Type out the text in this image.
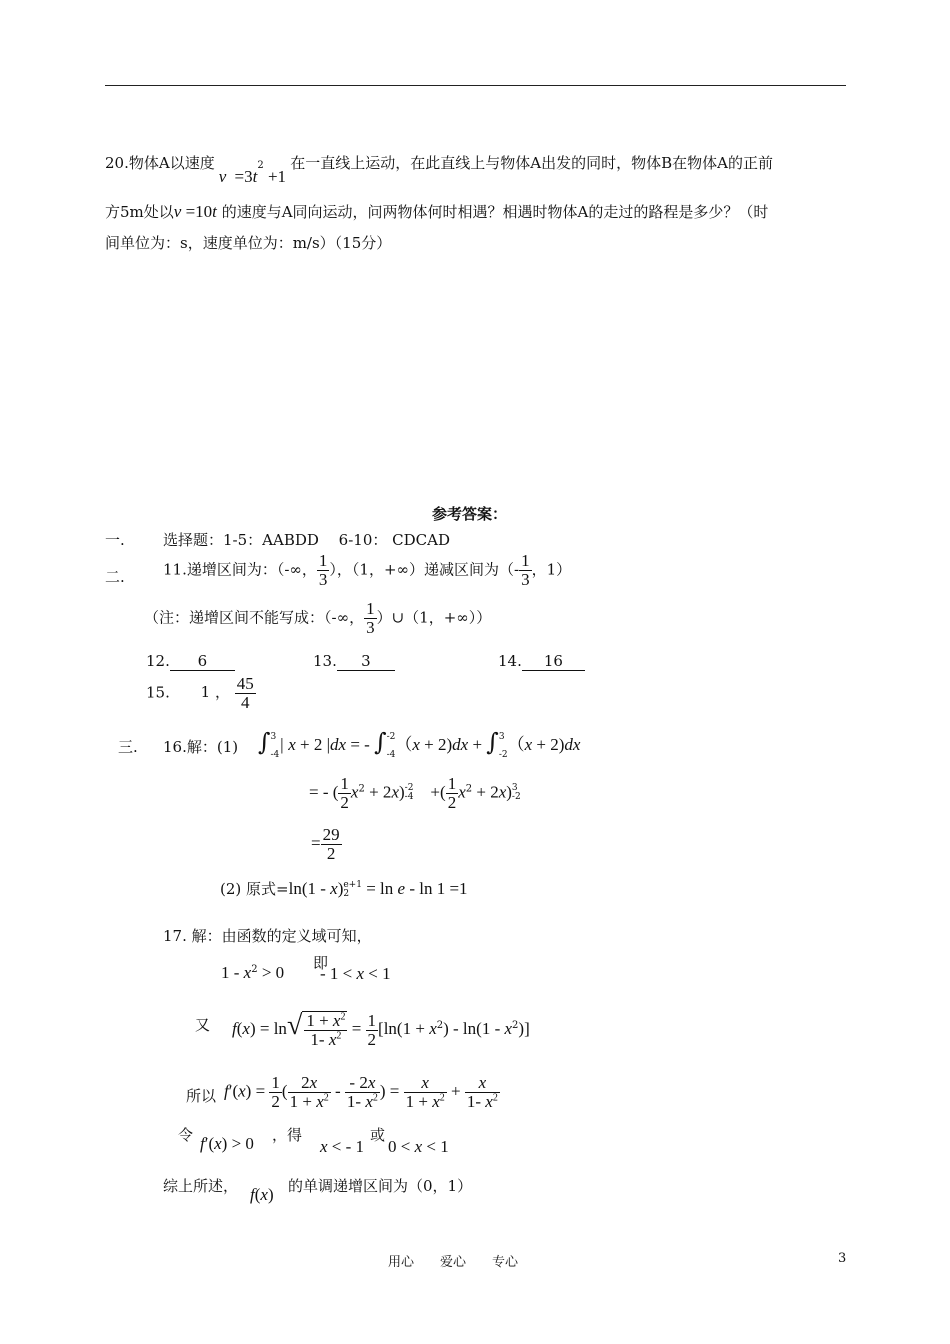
20.物体A以速度$v =3t^2 +1$ 在一直线上运动，在此直线上与物体A出发的同时，物体B在物体A的正前
方5m处以v =10t 的速度与A同向运动，问两物体何时相遇？相遇时物体A的走过的路程是多少？（时
间单位为：s，速度单位为：m/s）（15分）
参考答案：
一.	选择题：1-5：AABDD　 6-10： CDCAD
二.	11.递增区间为：（-∞， $\frac{1}{3}$ ），（1，+∞）递减区间为（- $\frac{1}{3}$ ，1）
（注：递增区间不能写成：（-∞， $\frac{1}{3}$ ）∪（1，+∞））
12. 6	13. 3	14. 16
15. 1 ， $\frac{45}{4}$
三. 16.解：(1) ∫3

-4| x + 2 |dx = - ∫-2

-4（x + 2)dx + ∫3

-2（x + 2)dx
= - ( $\frac{1}{2} x^2 + 2x)-2$
-4　+( $\frac{1}{2} x^2 + 2x)3$
-2
= $\frac{29}{2}$
(2) 原式=ln(1 - x)e+1
2 = ln e - ln 1 =1
17. 解：由函数的定义域可知，
$1 - x^2 > 0$ 即
- 1 < x < 1
又 $f(x) = \ln√ \frac{1 + x^2}{1- x^2} = \frac{1}{2} [\ln(1 + x^2) - \ln(1 - x^2)]$
所以 $f'(x) = \frac{1}{2}$ ( $\frac{2x}{1 + x^2} - \frac{- 2x}{1- x^2}$ ) = $\frac{x}{1 + x^2} + \frac{x}{1- x^2}$
令 f′(x) > 0 ，得
x < - 1
或
0 < x < 1
综上所述， f(x) 的单调递增区间为（0，1）
用心　　爱心　　专心	3
